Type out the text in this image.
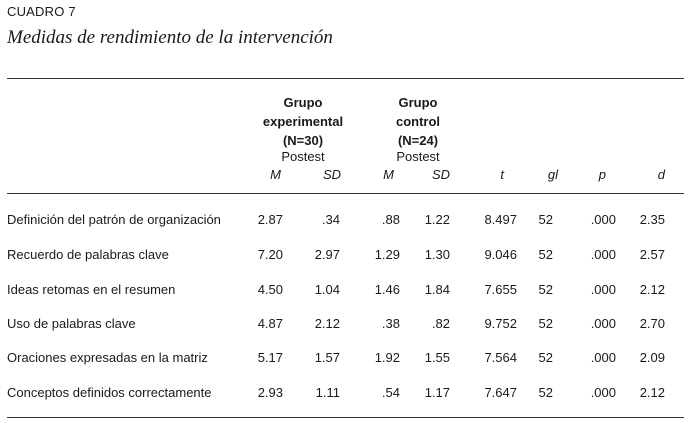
CUADRO 7
Medidas de rendimiento de la intervención
Grupo
experimental
(N=30)
Postest
Grupo
control
(N=24)
Postest
M	SD	M	SD	t	gl	p	d
Definición del patrón de organización	2.87	.34	.88 1.22	8.497 52	.000 2.35
Recuerdo de palabras clave	7.20 2.97	1.29 1.30	9.046 52	.000 2.57
Ideas retomas en el resumen	4.50 1.04	1.46 1.84	7.655 52	.000 2.12
Uso de palabras clave	4.87 2.12	.38 .82	9.752 52	.000 2.70
Oraciones expresadas en la matriz	5.17 1.57	1.92 1.55	7.564 52	.000 2.09
Conceptos definidos correctamente	2.93	1.11	.54 1.17	7.647 52	.000 2.12
